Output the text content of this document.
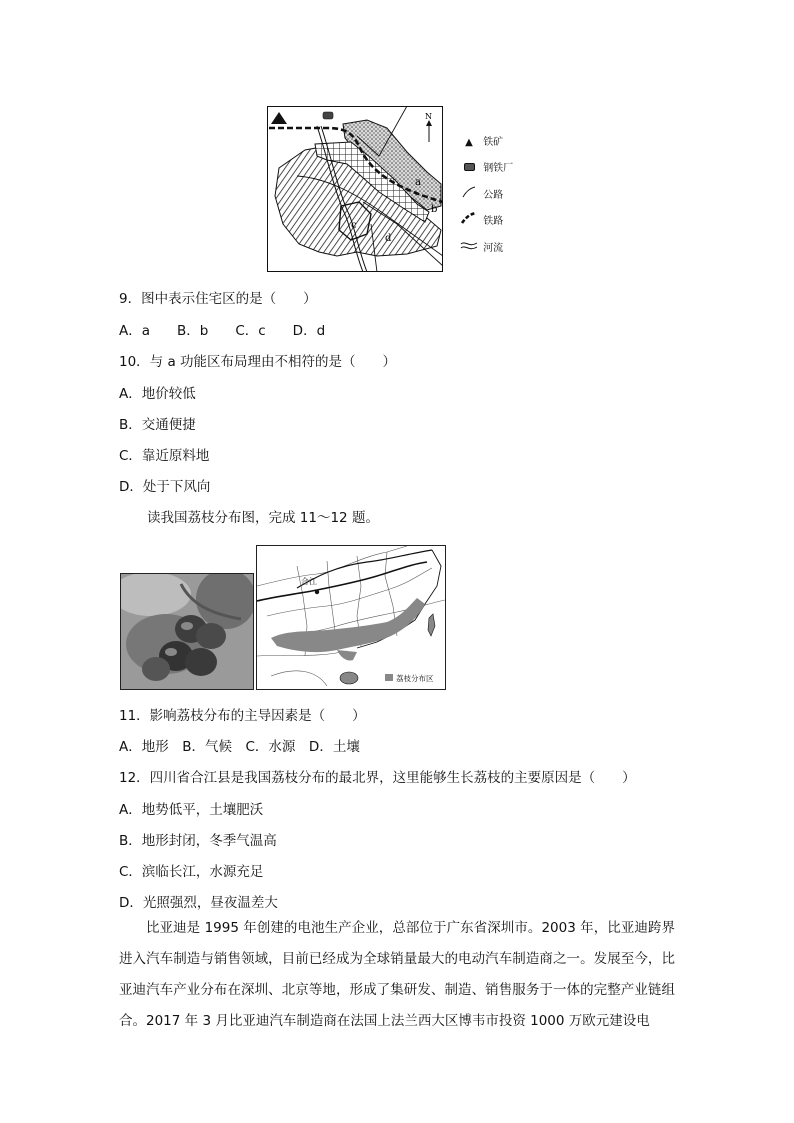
N
a
b
c
d
▲ 铁矿
钢铁厂
公路
铁路
河流
9．图中表示住宅区的是（　　）
A．a　　B．b　　C．c　　D．d
10．与 a 功能区布局理由不相符的是（　　）
A．地价较低
B．交通便捷
C．靠近原料地
D．处于下风向
读我国荔枝分布图，完成 11～12 题。
合江
荔枝分布区
11．影响荔枝分布的主导因素是（　　）
A．地形　B．气候　C．水源　D．土壤
12．四川省合江县是我国荔枝分布的最北界，这里能够生长荔枝的主要原因是（　　）
A．地势低平，土壤肥沃
B．地形封闭，冬季气温高
C．滨临长江，水源充足
D．光照强烈，昼夜温差大
比亚迪是 1995 年创建的电池生产企业，总部位于广东省深圳市。2003 年，比亚迪跨界进入汽车制造与销售领域，目前已经成为全球销量最大的电动汽车制造商之一。发展至今，比亚迪汽车产业分布在深圳、北京等地，形成了集研发、制造、销售服务于一体的完整产业链组合。2017 年 3 月比亚迪汽车制造商在法国上法兰西大区博韦市投资 1000 万欧元建设电
